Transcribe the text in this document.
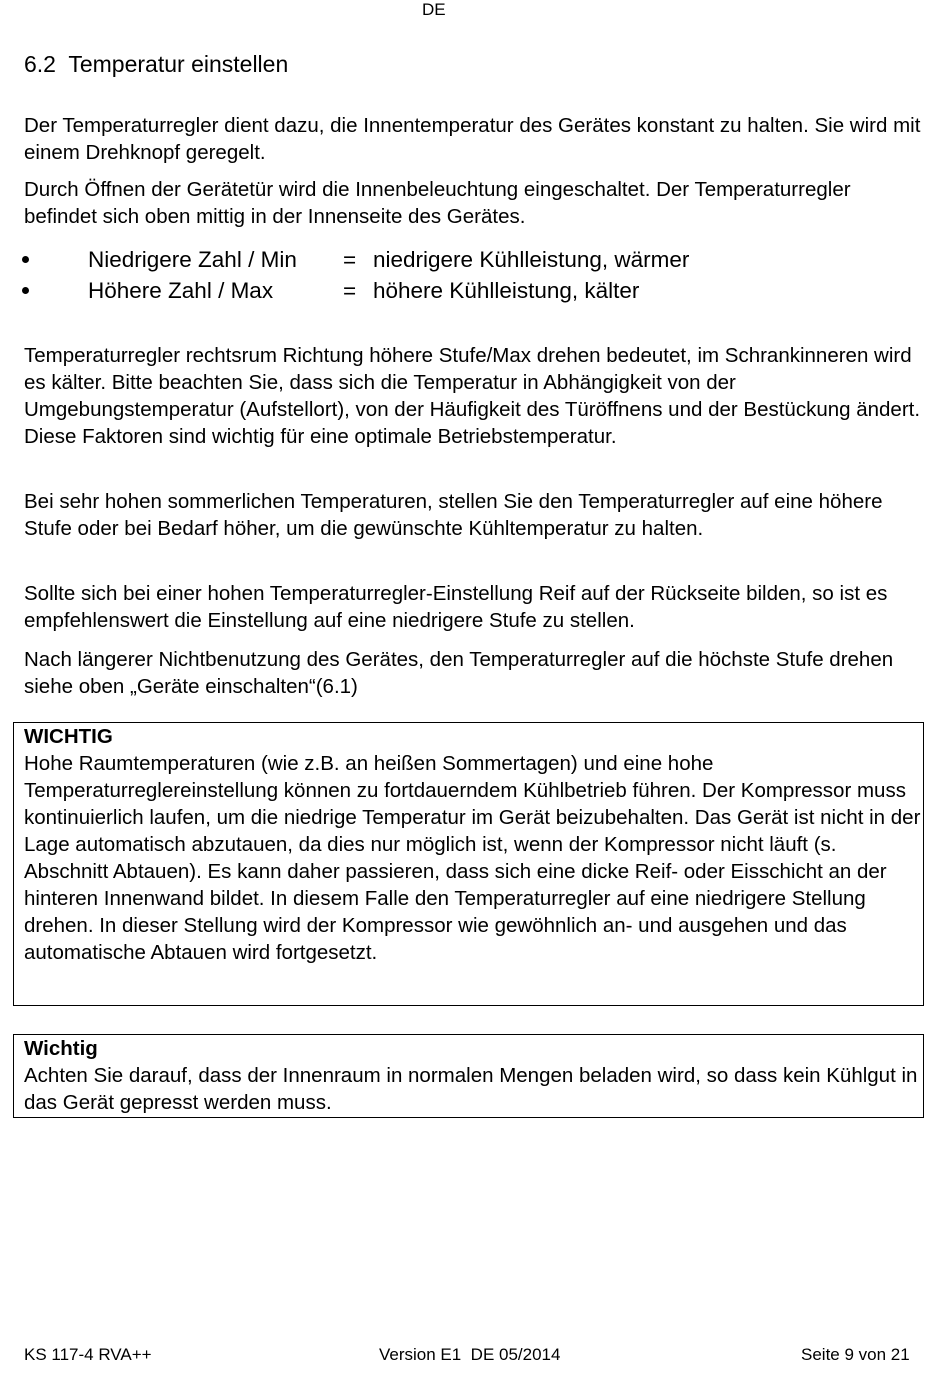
DE
6.2 Temperatur einstellen

Der Temperaturregler dient dazu, die Innentemperatur des Gerätes konstant zu halten. Sie wird mit einem Drehknopf geregelt.

Durch Öffnen der Gerätetür wird die Innenbeleuchtung eingeschaltet. Der Temperaturregler befindet sich oben mittig in der Innenseite des Gerätes.

Niedrigere Zahl / Min = niedrigere Kühlleistung, wärmer
Höhere Zahl / Max	= höhere Kühlleistung, kälter

Temperaturregler rechtsrum Richtung höhere Stufe/Max drehen bedeutet, im Schrankinneren wird es kälter. Bitte beachten Sie, dass sich die Temperatur in Abhängigkeit von der Umgebungstemperatur (Aufstellort), von der Häufigkeit des Türöffnens und der Bestückung ändert. Diese Faktoren sind wichtig für eine optimale Betriebstemperatur.

Bei sehr hohen sommerlichen Temperaturen, stellen Sie den Temperaturregler auf eine höhere Stufe oder bei Bedarf höher, um die gewünschte Kühltemperatur zu halten.

Sollte sich bei einer hohen Temperaturregler-Einstellung Reif auf der Rückseite bilden, so ist es empfehlenswert die Einstellung auf eine niedrigere Stufe zu stellen.

Nach längerer Nichtbenutzung des Gerätes, den Temperaturregler auf die höchste Stufe drehen siehe oben „Geräte einschalten“(6.1)

WICHTIG

Hohe Raumtemperaturen (wie z.B. an heißen Sommertagen) und eine hohe Temperaturreglereinstellung können zu fortdauerndem Kühlbetrieb führen. Der Kompressor muss kontinuierlich laufen, um die niedrige Temperatur im Gerät beizubehalten. Das Gerät ist nicht in der Lage automatisch abzutauen, da dies nur möglich ist, wenn der Kompressor nicht läuft (s. Abschnitt Abtauen). Es kann daher passieren, dass sich eine dicke Reif- oder Eisschicht an der hinteren Innenwand bildet. In diesem Falle den Temperaturregler auf eine niedrigere Stellung drehen. In dieser Stellung wird der Kompressor wie gewöhnlich an- und ausgehen und das automatische Abtauen wird fortgesetzt.

Wichtig

Achten Sie darauf, dass der Innenraum in normalen Mengen beladen wird, so dass kein Kühlgut in das Gerät gepresst werden muss.

KS 117-4 RVA++	Version E1  DE 05/2014	Seite 9 von 21
